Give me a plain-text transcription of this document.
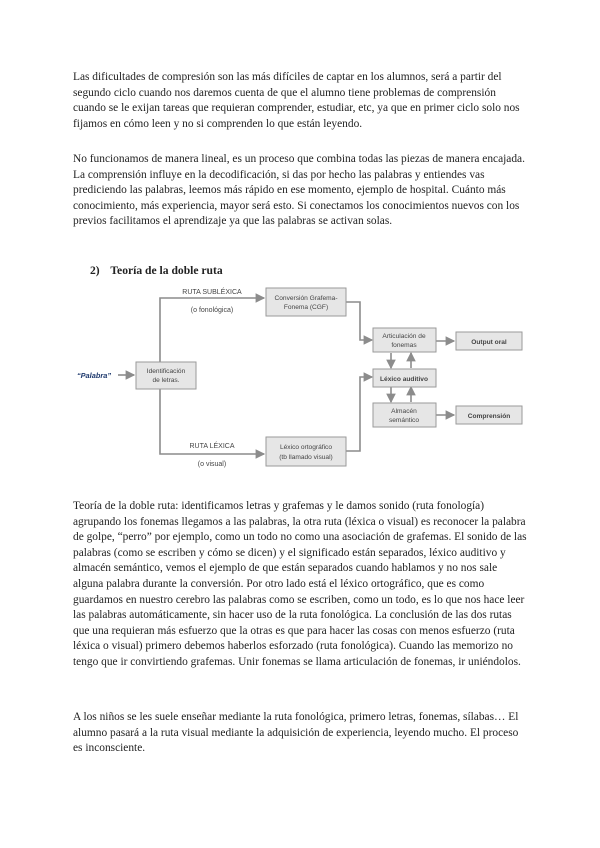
Las dificultades de compresión son las más difíciles de captar en los alumnos, será a partir del segundo ciclo cuando nos daremos cuenta de que el alumno tiene problemas de comprensión cuando se le exijan tareas que requieran comprender, estudiar, etc, ya que en primer ciclo solo nos fijamos en cómo leen y no si comprenden lo que están leyendo.

No funcionamos de manera lineal, es un proceso que combina todas las piezas de manera encajada. La comprensión influye en la decodificación, si das por hecho las palabras y entiendes vas prediciendo las palabras, leemos más rápido en ese momento, ejemplo de hospital. Cuánto más conocimiento, más experiencia, mayor será esto. Si conectamos los conocimientos nuevos con los previos facilitamos el aprendizaje ya que las palabras se activan solas.

2) Teoría de la doble ruta

“Palabra”	Identificación
de letras.
RUTA SUBLÉXICA
(o fonológica)
Conversión Grafema-
Fonema (CGF)
Articulación de
fonemas	Output oral
Léxico auditivo
Almacén
semántico
Comprensión
RUTA LÉXICA
(o visual)
Léxico ortográfico
(tb llamado visual)

Teoría de la doble ruta: identificamos letras y grafemas y le damos sonido (ruta fonología) agrupando los fonemas llegamos a las palabras, la otra ruta (léxica o visual) es reconocer la palabra de golpe, “perro” por ejemplo, como un todo no como una asociación de grafemas. El sonido de las palabras (como se escriben y cómo se dicen) y el significado están separados, léxico auditivo y almacén semántico, vemos el ejemplo de que están separados cuando hablamos y no nos sale alguna palabra durante la conversión. Por otro lado está el léxico ortográfico, que es como guardamos en nuestro cerebro las palabras como se escriben, como un todo, es lo que nos hace leer las palabras automáticamente, sin hacer uso de la ruta fonológica. La conclusión de las dos rutas que una requieran más esfuerzo que la otras es que para hacer las cosas con menos esfuerzo (ruta léxica o visual) primero debemos haberlos esforzado (ruta fonológica). Cuando las memorizo no tengo que ir convirtiendo grafemas. Unir fonemas se llama articulación de fonemas, ir uniéndolos.

A los niños se les suele enseñar mediante la ruta fonológica, primero letras, fonemas, sílabas… El alumno pasará a la ruta visual mediante la adquisición de experiencia, leyendo mucho. El proceso es inconsciente.
